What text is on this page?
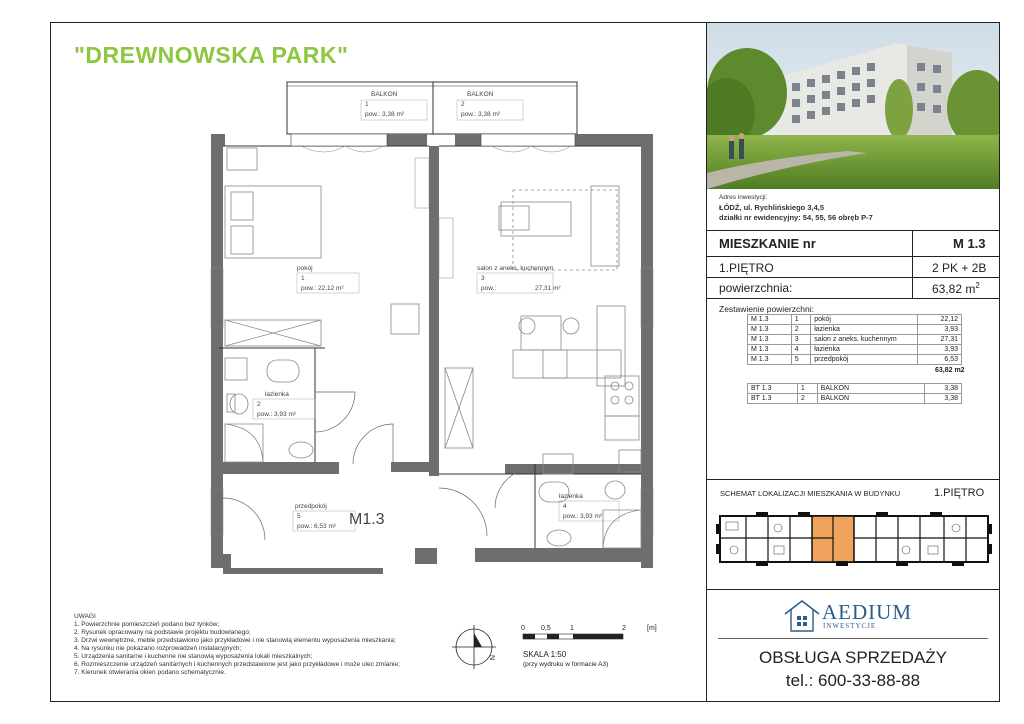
"DREWNOWSKA PARK"
Adres inwestycji:
ŁÓDŹ, ul. Rychlińskiego 3,4,5
działki nr ewidencyjny: 54, 55, 56 obręb P-7
MIESZKANIE nr	M 1.3
1.PIĘTRO	2 PK + 2B
powierzchnia:	63,82 $m^2$
Zestawienie powierzchni:
M 1.3	1	pokój	22,12
M 1.3	2	łazienka	3,93
M 1.3	3	salon z aneks. kuchennym	27,31
M 1.3	4	łazienka	3,93
M 1.3	5	przedpokój	6,53
63,82 m2
BT 1.3	1	BALKON	3,38
BT 1.3	2	BALKON	3,38
SCHEMAT LOKALIZACJI MIESZKANIA W BUDYNKU	1.PIĘTRO
AEDIUM
INWESTYCJE
OBSŁUGA SPRZEDAŻY
tel.: 600-33-88-88
BALKON
1
pow.: 3,38 m²
BALKON
2
pow.: 3,38 m²
pokój
1
pow.: 22,12 m²
łazienka
2
pow.: 3,93 m²
salon z aneks. kuchennym
3
pow.:	27,31 m²
łazienka
4
pow.: 3,93 m²
przedpokój
5
pow.: 6,53 m² M1.3
UWAGI
1. Powierzchnie pomieszczeń podano bez tynków;
2. Rysunek opracowany na podstawie projektu budowlanego;
3. Drzwi wewnętrzne, meble przedstawiono jako przykładowe i nie stanowią elementu wyposażenia mieszkania;
4. Na rysunku nie pokazano rozprowadzeń instalacyjnych;
5. Urządzenia sanitarne i kuchenne nie stanowią wyposażenia lokali mieszkalnych;
6. Rozmieszczenie urządzeń sanitarnych i kuchennych przedstawione jest jako przykładowe i może ulec zmianie;
7. Kierunek otwierania okien podano schematycznie.
N
0 0,5	1	2	[m]
SKALA 1:50
(przy wydruku w formacie A3)
